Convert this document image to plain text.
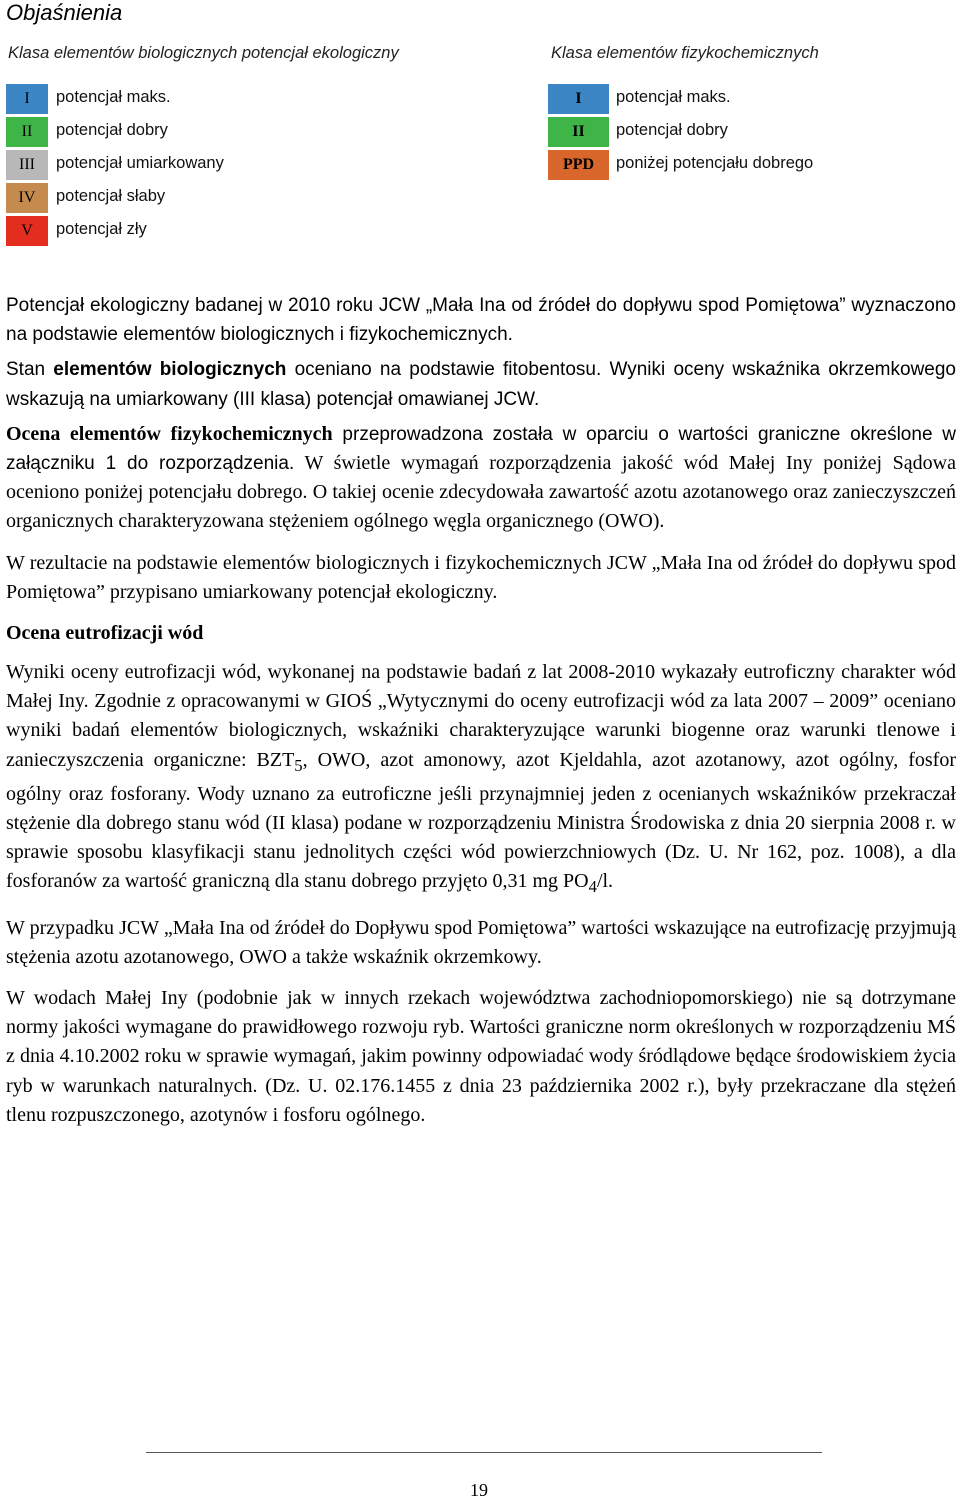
Objaśnienia
Klasa elementów biologicznych potencjał ekologiczny	Klasa elementów fizykochemicznych
I	potencjał maks.
II	potencjał dobry
III	potencjał umiarkowany
IV	potencjał słaby
V	potencjał zły
I	potencjał maks.
II	potencjał dobry
PPD	poniżej potencjału dobrego

Potencjał ekologiczny badanej w 2010 roku JCW „Mała Ina od źródeł do dopływu spod Pomiętowa” wyznaczono na podstawie elementów biologicznych i fizykochemicznych.

Stan elementów biologicznych oceniano na podstawie fitobentosu. Wyniki oceny wskaźnika okrzemkowego wskazują na umiarkowany (III klasa) potencjał omawianej JCW.

Ocena elementów fizykochemicznych przeprowadzona została w oparciu o wartości graniczne określone w załączniku 1 do rozporządzenia. W świetle wymagań rozporządzenia jakość wód Małej Iny poniżej Sądowa oceniono poniżej potencjału dobrego. O takiej ocenie zdecydowała zawartość azotu azotanowego oraz zanieczyszczeń organicznych charakteryzowana stężeniem ogólnego węgla organicznego (OWO).

W rezultacie na podstawie elementów biologicznych i fizykochemicznych JCW „Mała Ina od źródeł do dopływu spod Pomiętowa” przypisano umiarkowany potencjał ekologiczny.

Ocena eutrofizacji wód

Wyniki oceny eutrofizacji wód, wykonanej na podstawie badań z lat 2008-2010 wykazały eutroficzny charakter wód Małej Iny. Zgodnie z opracowanymi w GIOŚ „Wytycznymi do oceny eutrofizacji wód za lata 2007 – 2009” oceniano wyniki badań elementów biologicznych, wskaźniki charakteryzujące warunki biogenne oraz warunki tlenowe i zanieczyszczenia organiczne: $BZT_5$, OWO, azot amonowy, azot Kjeldahla, azot azotanowy, azot ogólny, fosfor ogólny oraz fosforany. Wody uznano za eutroficzne jeśli przynajmniej jeden z ocenianych wskaźników przekraczał stężenie dla dobrego stanu wód (II klasa) podane w rozporządzeniu Ministra Środowiska z dnia 20 sierpnia 2008 r. w sprawie sposobu klasyfikacji stanu jednolitych części wód powierzchniowych (Dz. U. Nr 162, poz. 1008), a dla fosforanów za wartość graniczną dla stanu dobrego przyjęto 0,31 mg $PO_4/l$.

W przypadku JCW „Mała Ina od źródeł do Dopływu spod Pomiętowa” wartości wskazujące na eutrofizację przyjmują stężenia azotu azotanowego, OWO a także wskaźnik okrzemkowy.

W wodach Małej Iny (podobnie jak w innych rzekach województwa zachodniopomorskiego) nie są dotrzymane normy jakości wymagane do prawidłowego rozwoju ryb. Wartości graniczne norm określonych w rozporządzeniu MŚ z dnia 4.10.2002 roku w sprawie wymagań, jakim powinny odpowiadać wody śródlądowe będące środowiskiem życia ryb w warunkach naturalnych. (Dz. U. 02.176.1455 z dnia 23 października 2002 r.), były przekraczane dla stężeń tlenu rozpuszczonego, azotynów i fosforu ogólnego.

19
